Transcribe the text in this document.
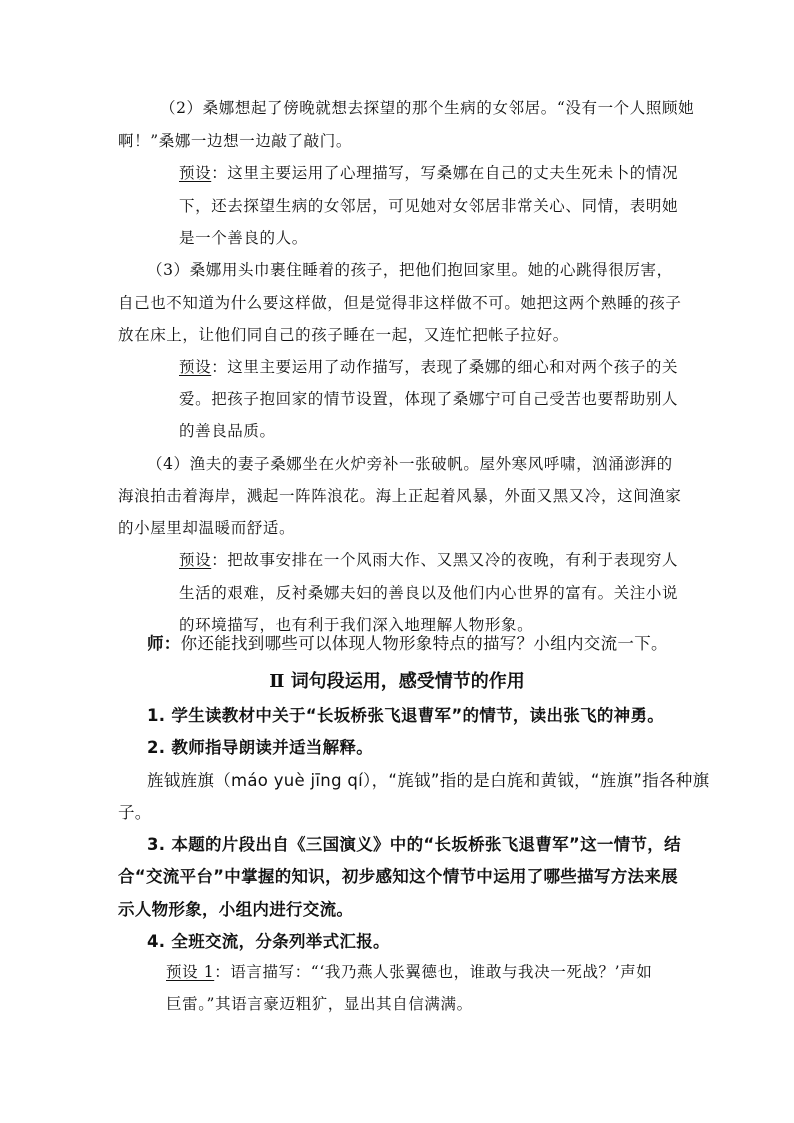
（2）桑娜想起了傍晚就想去探望的那个生病的女邻居。“没有一个人照顾她
啊！”桑娜一边想一边敲了敲门。
预设：这里主要运用了心理描写，写桑娜在自己的丈夫生死未卜的情况
下，还去探望生病的女邻居，可见她对女邻居非常关心、同情，表明她
是一个善良的人。
（3）桑娜用头巾裹住睡着的孩子，把他们抱回家里。她的心跳得很厉害，
自己也不知道为什么要这样做，但是觉得非这样做不可。她把这两个熟睡的孩子
放在床上，让他们同自己的孩子睡在一起，又连忙把帐子拉好。
预设：这里主要运用了动作描写，表现了桑娜的细心和对两个孩子的关
爱。把孩子抱回家的情节设置，体现了桑娜宁可自己受苦也要帮助别人
的善良品质。
（4）渔夫的妻子桑娜坐在火炉旁补一张破帆。屋外寒风呼啸，汹涌澎湃的
海浪拍击着海岸，溅起一阵阵浪花。海上正起着风暴，外面又黑又冷，这间渔家
的小屋里却温暖而舒适。
预设：把故事安排在一个风雨大作、又黑又冷的夜晚，有利于表现穷人
生活的艰难，反衬桑娜夫妇的善良以及他们内心世界的富有。关注小说
的环境描写，也有利于我们深入地理解人物形象。
师：你还能找到哪些可以体现人物形象特点的描写？小组内交流一下。
Ⅱ 词句段运用，感受情节的作用
1. 学生读教材中关于“长坂桥张飞退曹军”的情节，读出张飞的神勇。
2. 教师指导朗读并适当解释。
旌钺旌旗（máo yuè jīng qí），“旄钺”指的是白旄和黄钺，“旌旗”指各种旗
子。
3. 本题的片段出自《三国演义》中的“长坂桥张飞退曹军”这一情节，结
合“交流平台”中掌握的知识，初步感知这个情节中运用了哪些描写方法来展
示人物形象，小组内进行交流。
4. 全班交流，分条列举式汇报。
预设 1：语言描写：“‘我乃燕人张翼德也，谁敢与我决一死战？’声如
巨雷。”其语言豪迈粗犷，显出其自信满满。
